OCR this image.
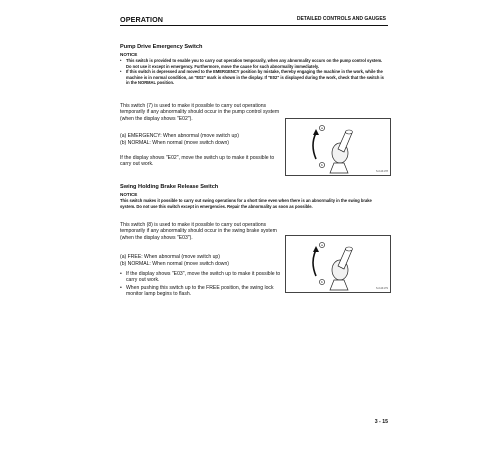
OPERATION	DETAILED CONTROLS AND GAUGES
Pump Drive Emergency Switch
NOTICE
• This switch is provided to enable you to carry out operation temporarily, when any abnormality occurs on the pump control system. Do not use it except in emergency. Furthermore, move the cause for such abnormality immediately.
• If this switch is depressed and moved to the EMERGENCY position by mistake, thereby engaging the machine in the work, while the machine is in normal condition, an "E02" mark is shown in the display. If "E02" is displayed during the work, check that the switch is in the NORMAL position.

This switch (7) is used to make it possible to carry out operations temporarily if any abnormality should occur in the pump control system (when the display shows "E02").

(a) EMERGENCY: When abnormal (move switch up)

(b) NORMAL: When normal (move switch down)

If the display shows "E02", move the switch up to make it possible to carry out work.

a
b
S-hd4178
Swing Holding Brake Release Switch
NOTICE

This switch makes it possible to carry out swing operations for a short time even when there is an abnormality in the swing brake system. Do not use this switch except in emergencies. Repair the abnormality as soon as possible.

This switch (8) is used to make it possible to carry out operations temporarily if any abnormality should occur in the swing brake system (when the display shows "E03").

(a) FREE: When abnormal (move switch up)

(b) NORMAL: When normal (move switch down)

• If the display shows "E03", move the switch up to make it possible to carry out work.
• When pushing this switch up to the FREE position, the swing lock monitor lamp begins to flash.
a
b
S-hd4179
3 - 15
